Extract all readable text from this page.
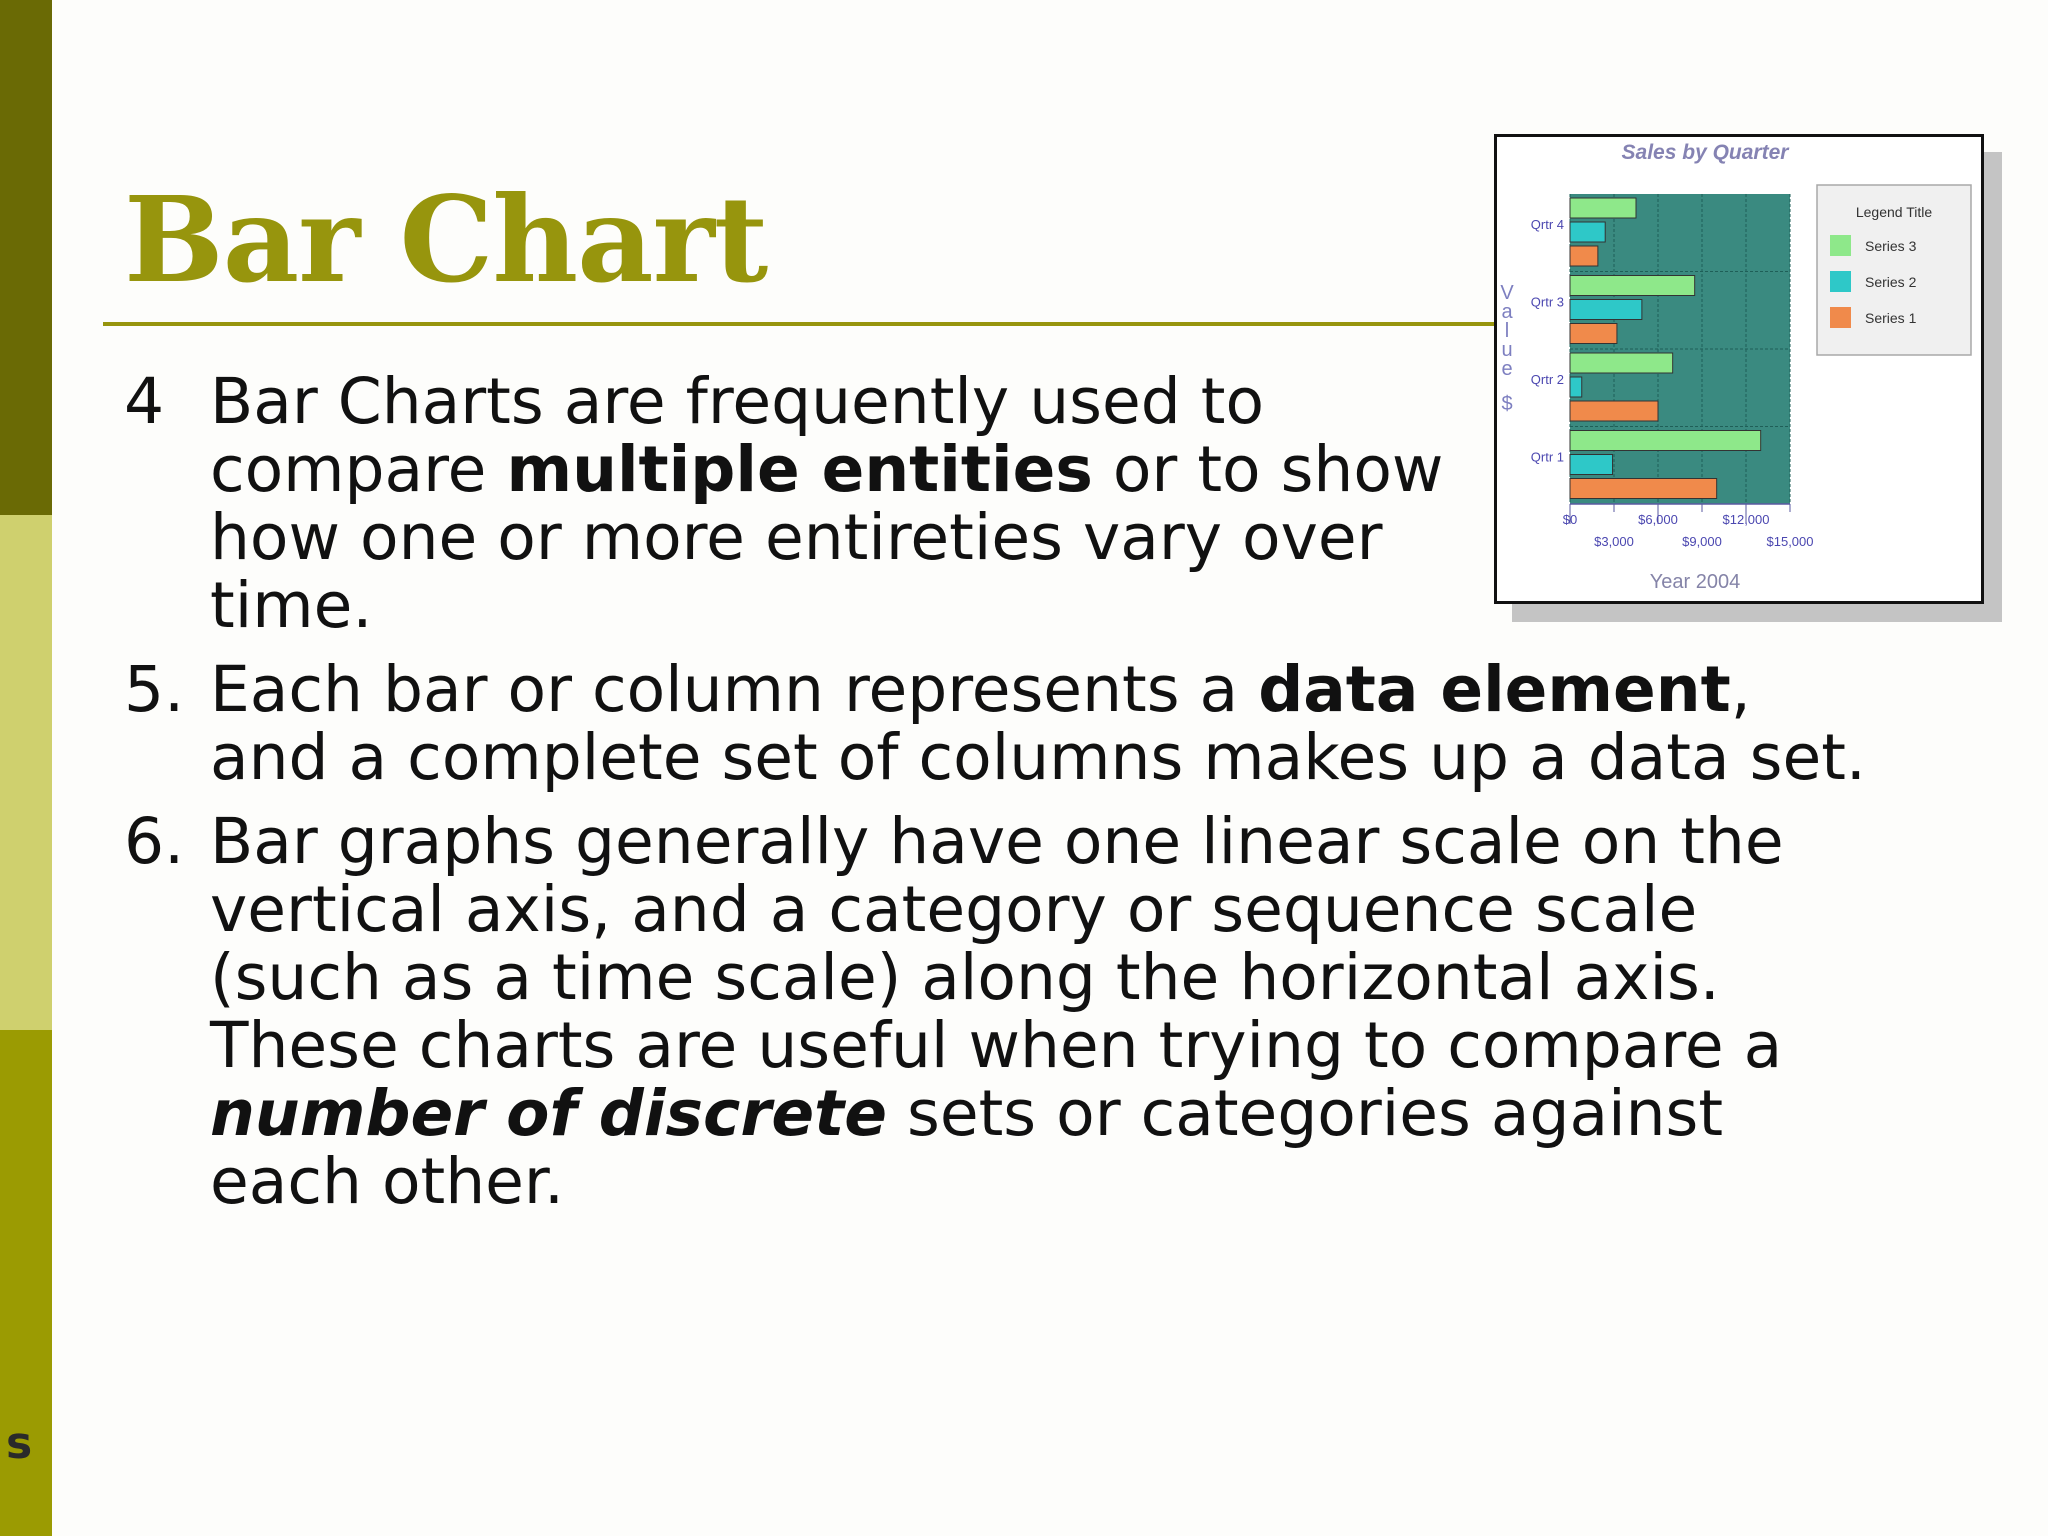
s
Bar Chart
4 Bar Charts are frequently used to compare multiple entities or to show how one or more entireties vary over time.
5. Each bar or column represents a data element, and a complete set of columns makes up a data set.
6. Bar graphs generally have one linear scale on the vertical axis, and a category or sequence scale (such as a time scale) along the horizontal axis. These charts are useful when trying to compare a number of discrete sets or categories against each other.
Sales by Quarter
Qrtr 1
Qrtr 2
Qrtr 3
Qrtr 4
$0
$3,000
$6,000
$9,000
$12,000
$15,000
V
a
l
u
e
$
Year 2004
Legend Title
Series 3
Series 2
Series 1
